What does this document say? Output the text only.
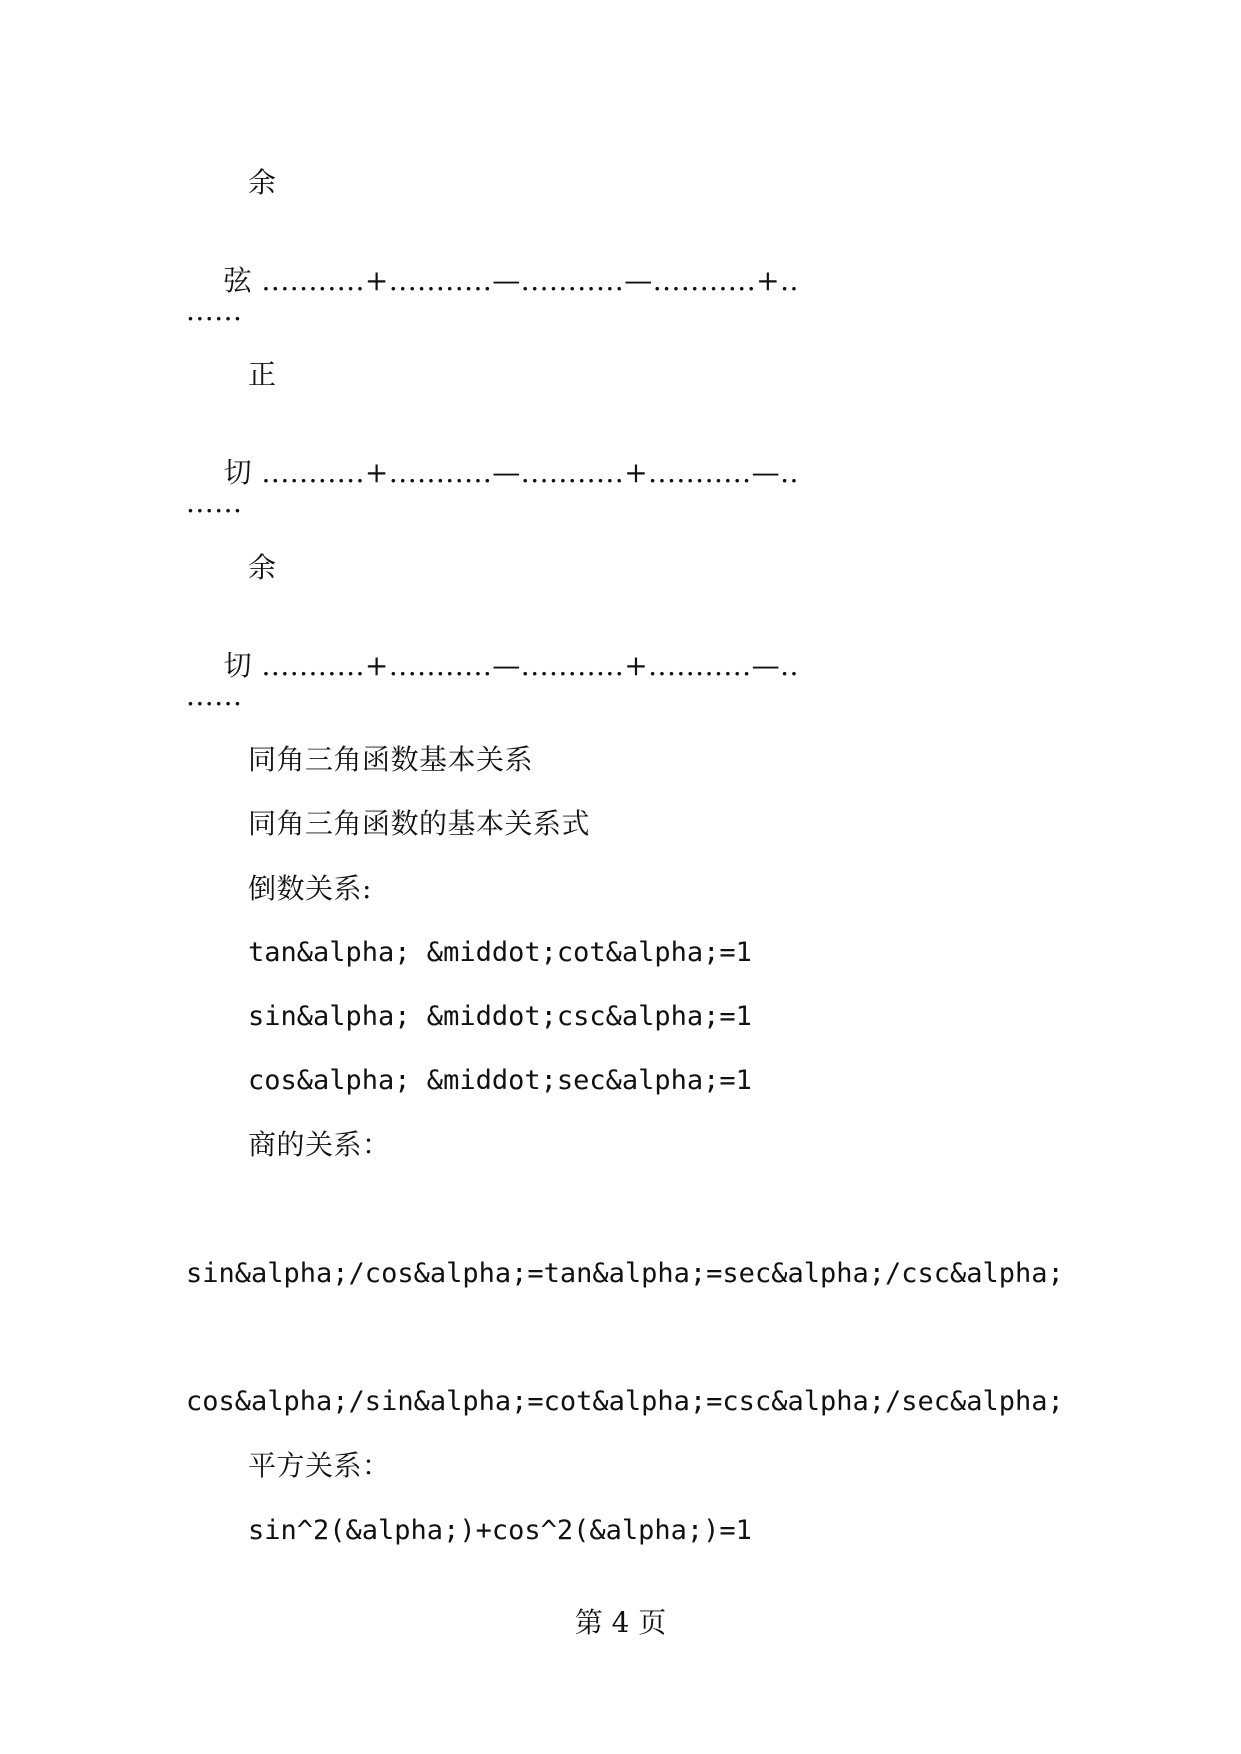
余

弦 ...........+...........—...........—...........+..

......
正

切 ...........+...........—...........+...........—..

......
余

切 ...........+...........—...........+...........—..

......
同角三角函数基本关系
同角三角函数的基本关系式
倒数关系:
tan&alpha; &middot;cot&alpha;=1
sin&alpha; &middot;csc&alpha;=1
cos&alpha; &middot;sec&alpha;=1
商的关系：
sin&alpha;/cos&alpha;=tan&alpha;=sec&alpha;/csc&alpha;
cos&alpha;/sin&alpha;=cot&alpha;=csc&alpha;/sec&alpha;
平方关系：
sin^2(&alpha;)+cos^2(&alpha;)=1
第 4 页
